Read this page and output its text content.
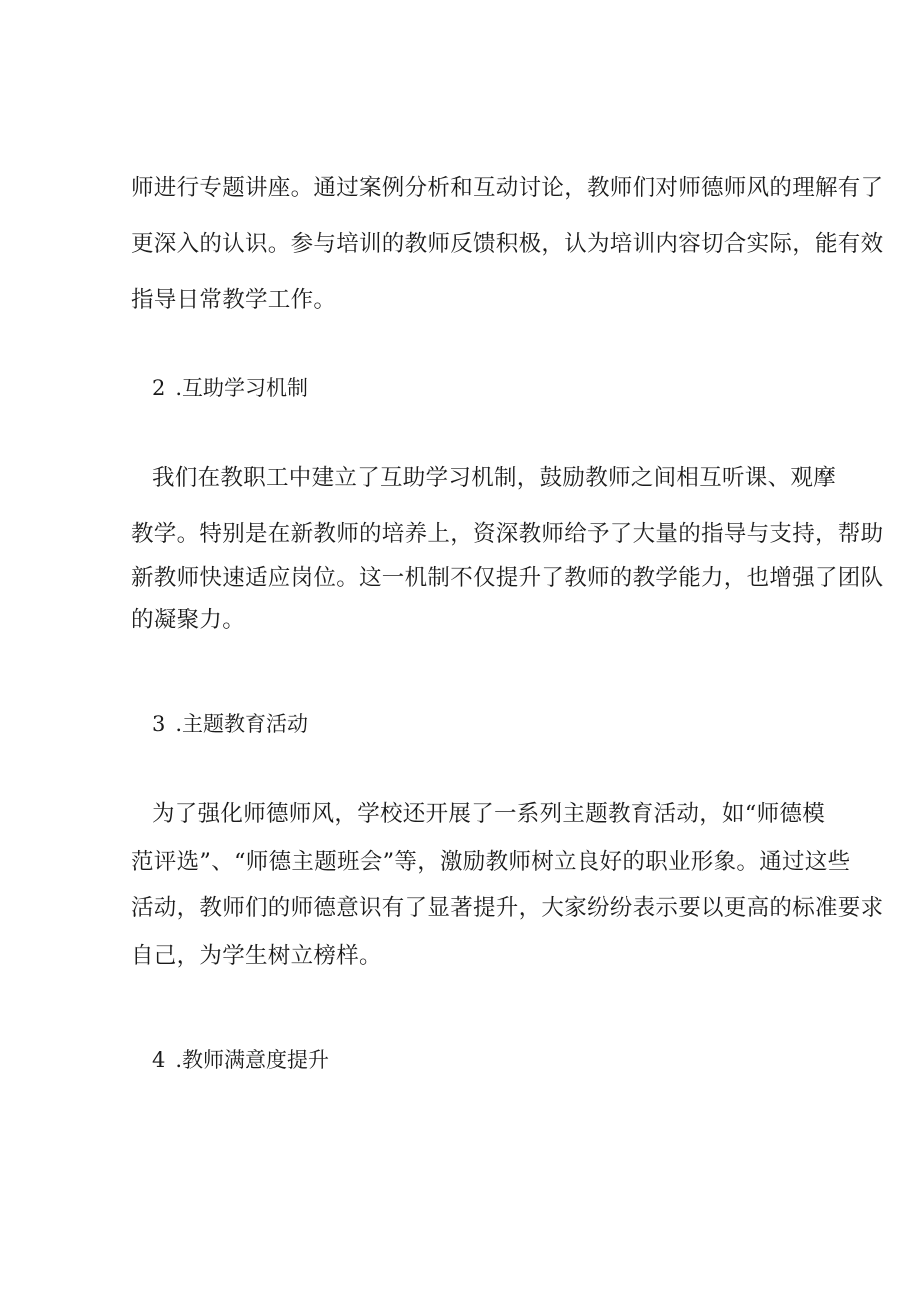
师进行专题讲座。通过案例分析和互动讨论，教师们对师德师风的理解有了
更深入的认识。参与培训的教师反馈积极，认为培训内容切合实际，能有效
指导日常教学工作。
2 .互助学习机制
我们在教职工中建立了互助学习机制，鼓励教师之间相互听课、观摩
教学。特别是在新教师的培养上，资深教师给予了大量的指导与支持，帮助
新教师快速适应岗位。这一机制不仅提升了教师的教学能力，也增强了团队
的凝聚力。
3 .主题教育活动
为了强化师德师风，学校还开展了一系列主题教育活动，如“师德模
范评选”、“师德主题班会”等，激励教师树立良好的职业形象。通过这些
活动，教师们的师德意识有了显著提升，大家纷纷表示要以更高的标准要求
自己，为学生树立榜样。
4 .教师满意度提升
